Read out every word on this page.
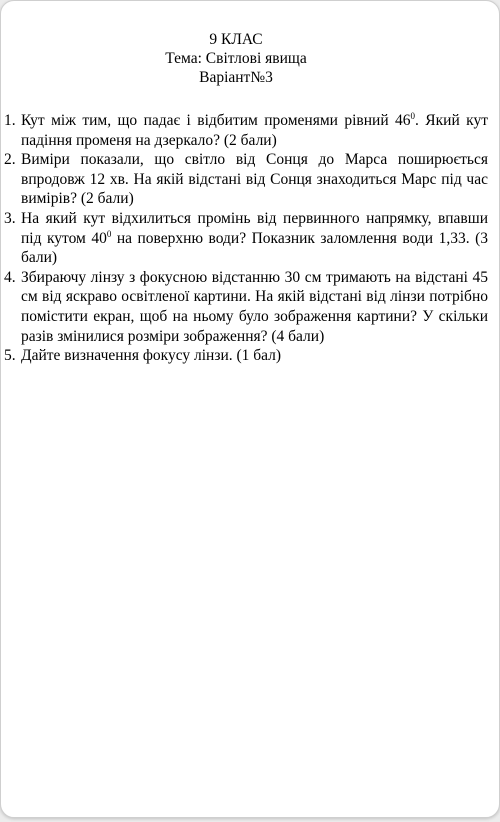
9 КЛАС
Тема: Світлові явища
Варіант№3
1. Кут між тим, що падає і відбитим променями рівний $46^0$. Який кут падіння променя на дзеркало? (2 бали)
2. Виміри показали, що світло від Сонця до Марса поширюється впродовж 12 хв. На якій відстані від Сонця знаходиться Марс під час вимірів? (2 бали)
3. На який кут відхилиться промінь від первинного напрямку, впавши під кутом $40^0$ на поверхню води? Показник заломлення води 1,33. (3 бали)
4. Збираючу лінзу з фокусною відстанню 30 см тримають на відстані 45 см від яскраво освітленої картини. На якій відстані від лінзи потрібно помістити екран, щоб на ньому було зображення картини? У скільки разів змінилися розміри зображення? (4 бали)
5. Дайте визначення фокусу лінзи. (1 бал)
